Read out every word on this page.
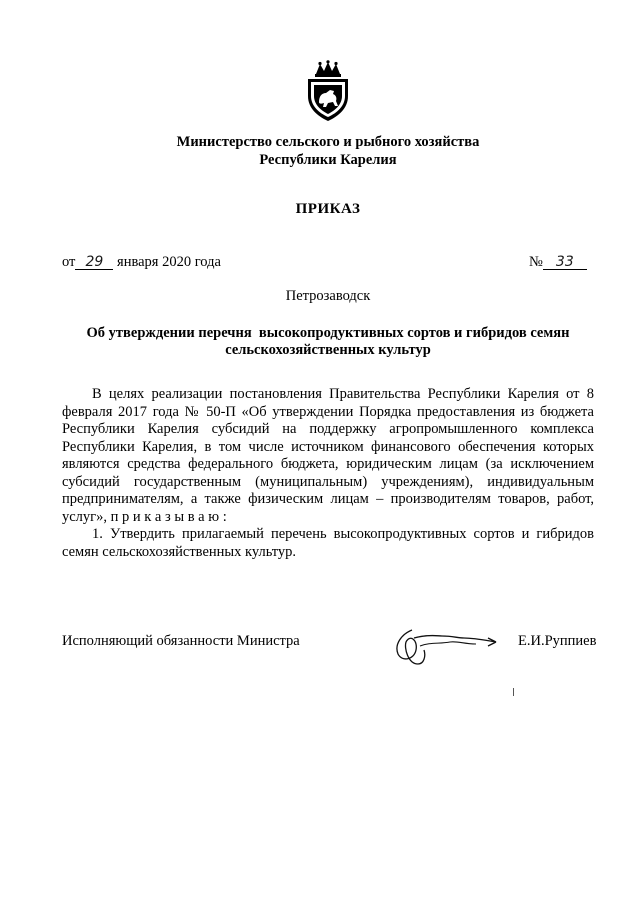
Министерство сельского и рыбного хозяйства
Республики Карелия
ПРИКАЗ
от 29 января 2020 года	№ 33
Петрозаводск
Об утверждении перечня  высокопродуктивных сортов и гибридов семян
сельскохозяйственных культур

В целях реализации постановления Правительства Республики Карелия от 8 февраля 2017 года № 50-П «Об утверждении Порядка предоставления из бюджета Республики Карелия субсидий на поддержку агропромышленного комплекса Республики Карелия, в том числе источником финансового обеспечения которых являются средства федерального бюджета, юридическим лицам (за исключением субсидий государственным (муниципальным) учреждениям), индивидуальным предпринимателям, а также физическим лицам – производителям товаров, работ, услуг», п р и к а з ы в а ю :

1. Утвердить прилагаемый перечень высокопродуктивных сортов и гибридов семян сельскохозяйственных культур.

Исполняющий обязанности Министра	Е.И.Руппиев
